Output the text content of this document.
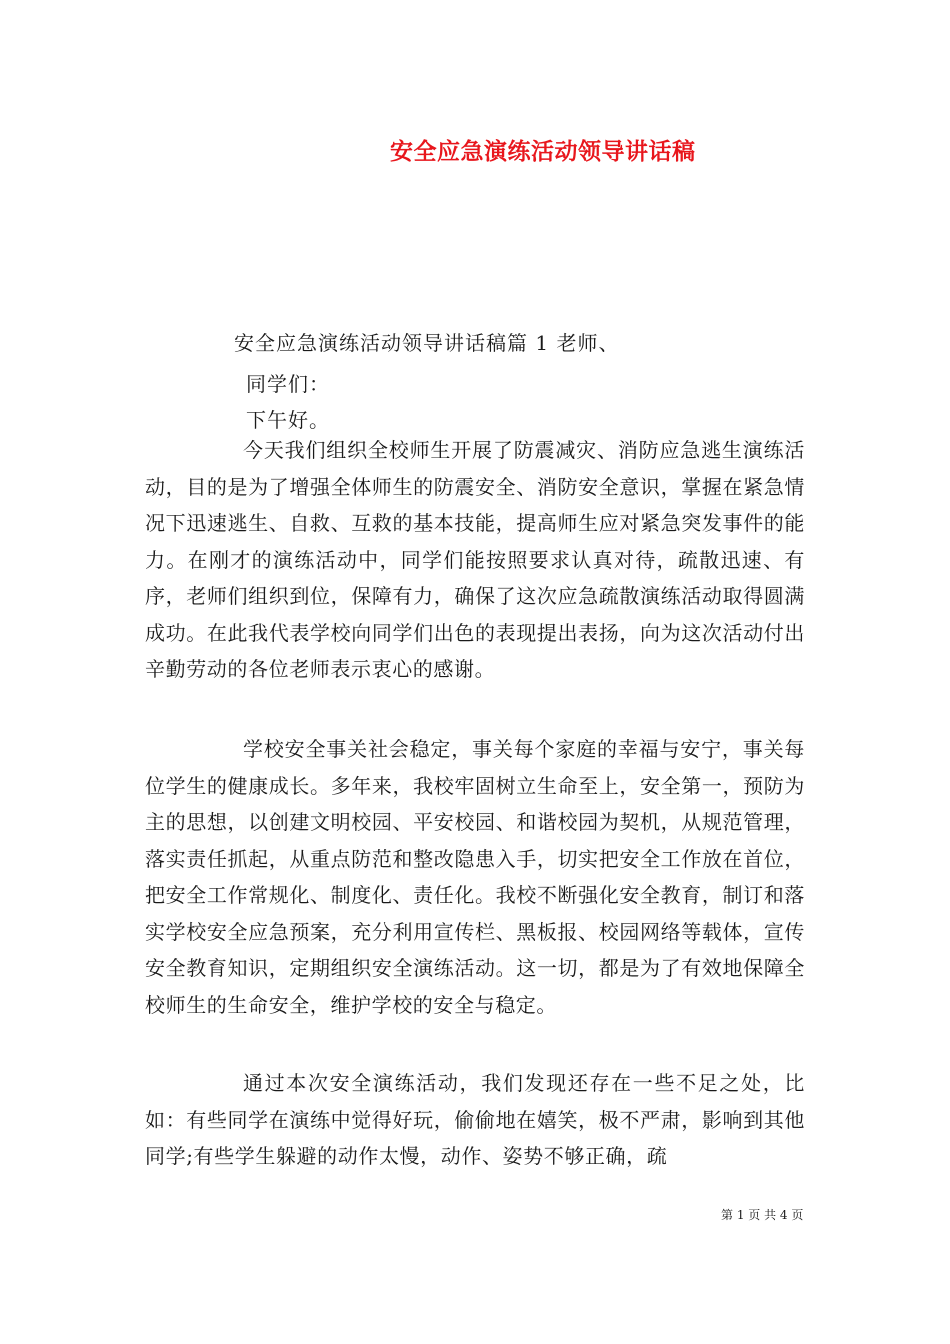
安全应急演练活动领导讲话稿
安全应急演练活动领导讲话稿篇 1 老师、
同学们：
下午好。

今天我们组织全校师生开展了防震减灾、消防应急逃生演练活动，目的是为了增强全体师生的防震安全、消防安全意识，掌握在紧急情况下迅速逃生、自救、互救的基本技能，提高师生应对紧急突发事件的能力。在刚才的演练活动中，同学们能按照要求认真对待，疏散迅速、有序，老师们组织到位，保障有力，确保了这次应急疏散演练活动取得圆满成功。在此我代表学校向同学们出色的表现提出表扬，向为这次活动付出辛勤劳动的各位老师表示衷心的感谢。

学校安全事关社会稳定，事关每个家庭的幸福与安宁，事关每位学生的健康成长。多年来，我校牢固树立生命至上，安全第一，预防为主的思想，以创建文明校园、平安校园、和谐校园为契机，从规范管理，落实责任抓起，从重点防范和整改隐患入手，切实把安全工作放在首位，把安全工作常规化、制度化、责任化。我校不断强化安全教育，制订和落实学校安全应急预案，充分利用宣传栏、黑板报、校园网络等载体，宣传安全教育知识，定期组织安全演练活动。这一切，都是为了有效地保障全校师生的生命安全，维护学校的安全与稳定。

通过本次安全演练活动，我们发现还存在一些不足之处，比如：有些同学在演练中觉得好玩，偷偷地在嬉笑，极不严肃，影响到其他同学;有些学生躲避的动作太慢，动作、姿势不够正确，疏

第 1 页 共 4 页
